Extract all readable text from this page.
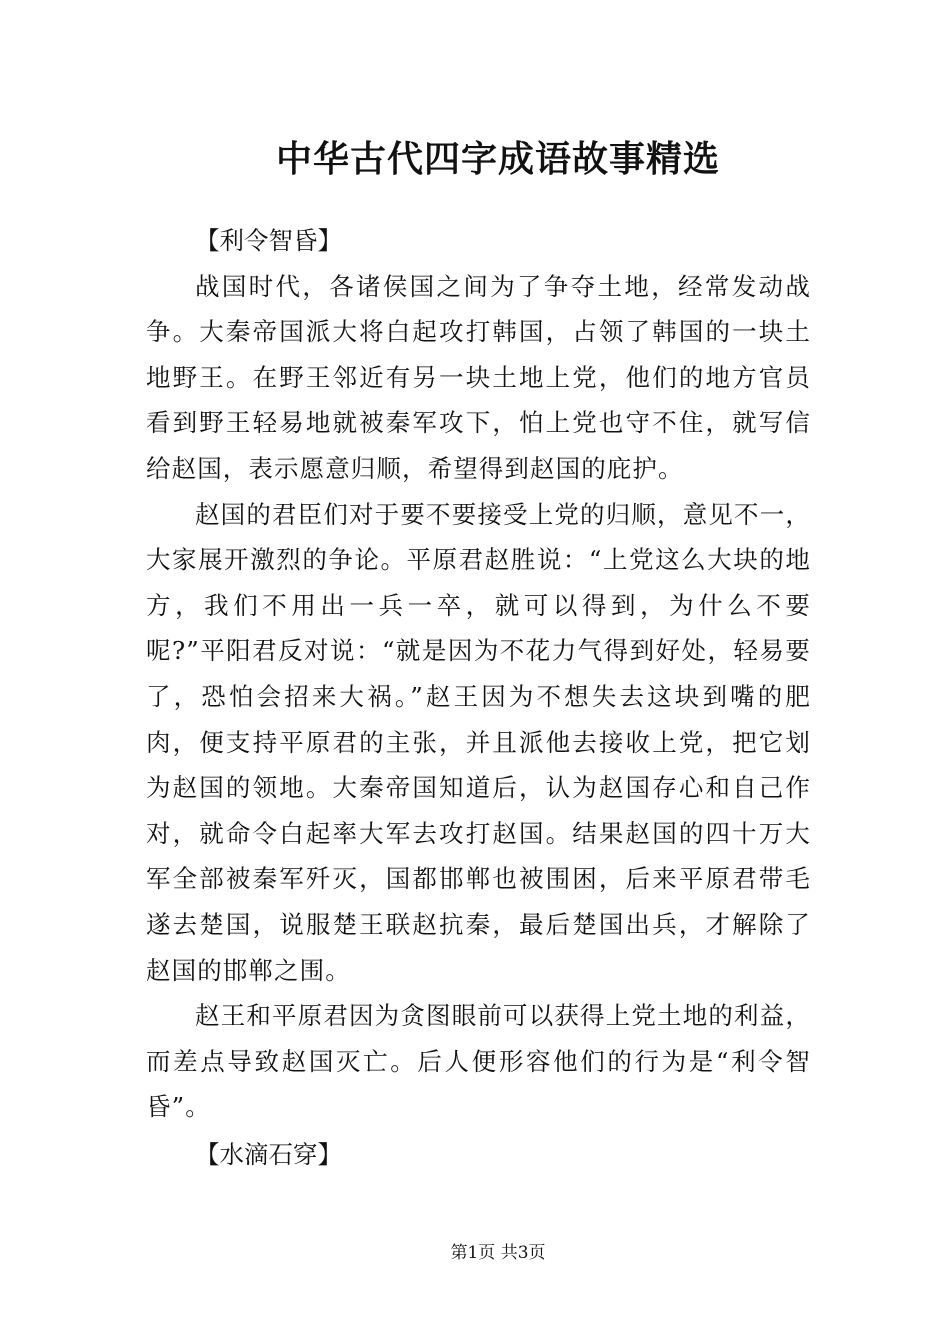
中华古代四字成语故事精选

【利令智昏】

战国时代，各诸侯国之间为了争夺土地，经常发动战争。大秦帝国派大将白起攻打韩国，占领了韩国的一块土地野王。在野王邻近有另一块土地上党，他们的地方官员看到野王轻易地就被秦军攻下，怕上党也守不住，就写信给赵国，表示愿意归顺，希望得到赵国的庇护。

赵国的君臣们对于要不要接受上党的归顺，意见不一，大家展开激烈的争论。平原君赵胜说：“上党这么大块的地方，我们不用出一兵一卒，就可以得到，为什么不要呢?”平阳君反对说：“就是因为不花力气得到好处，轻易要了，恐怕会招来大祸。”赵王因为不想失去这块到嘴的肥肉，便支持平原君的主张，并且派他去接收上党，把它划为赵国的领地。大秦帝国知道后，认为赵国存心和自己作对，就命令白起率大军去攻打赵国。结果赵国的四十万大军全部被秦军歼灭，国都邯郸也被围困，后来平原君带毛遂去楚国，说服楚王联赵抗秦，最后楚国出兵，才解除了赵国的邯郸之围。

赵王和平原君因为贪图眼前可以获得上党土地的利益，而差点导致赵国灭亡。后人便形容他们的行为是“利令智昏”。

【水滴石穿】

第1页 共3页
